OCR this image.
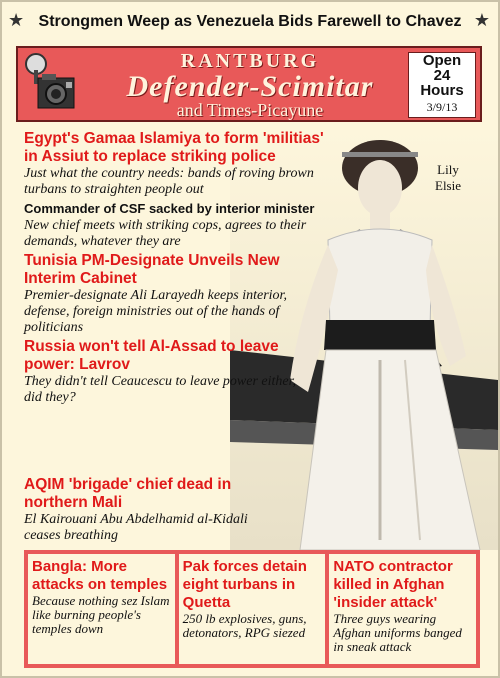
★ Strongmen Weep as Venezuela Bids Farewell to Chavez ★
RANTBURG
Defender-Scimitar
and Times-Picayune
Open
24
Hours
3/9/13
Lily
Elsie
Egypt's Gamaa Islamiya to form 'militias' in Assiut to replace striking police
Just what the country needs: bands of roving brown turbans to straighten people out
Commander of CSF sacked by interior minister
New chief meets with striking cops, agrees to their demands, whatever they are
Tunisia PM-Designate Unveils New Interim Cabinet
Premier-designate Ali Larayedh keeps interior, defense, foreign ministries out of the hands of politicians
Russia won't tell Al-Assad to leave power: Lavrov
They didn't tell Ceaucescu to leave power either, did they?
AQIM 'brigade' chief dead in northern Mali
El Kairouani Abu Abdelhamid al-Kidali ceases breathing
Bangla: More attacks on temples
Because nothing sez Islam like burning people's temples down
Pak forces detain eight turbans in Quetta
250 lb explosives, guns, detonators, RPG siezed
NATO contractor killed in Afghan 'insider attack'
Three guys wearing Afghan uniforms banged in sneak attack
